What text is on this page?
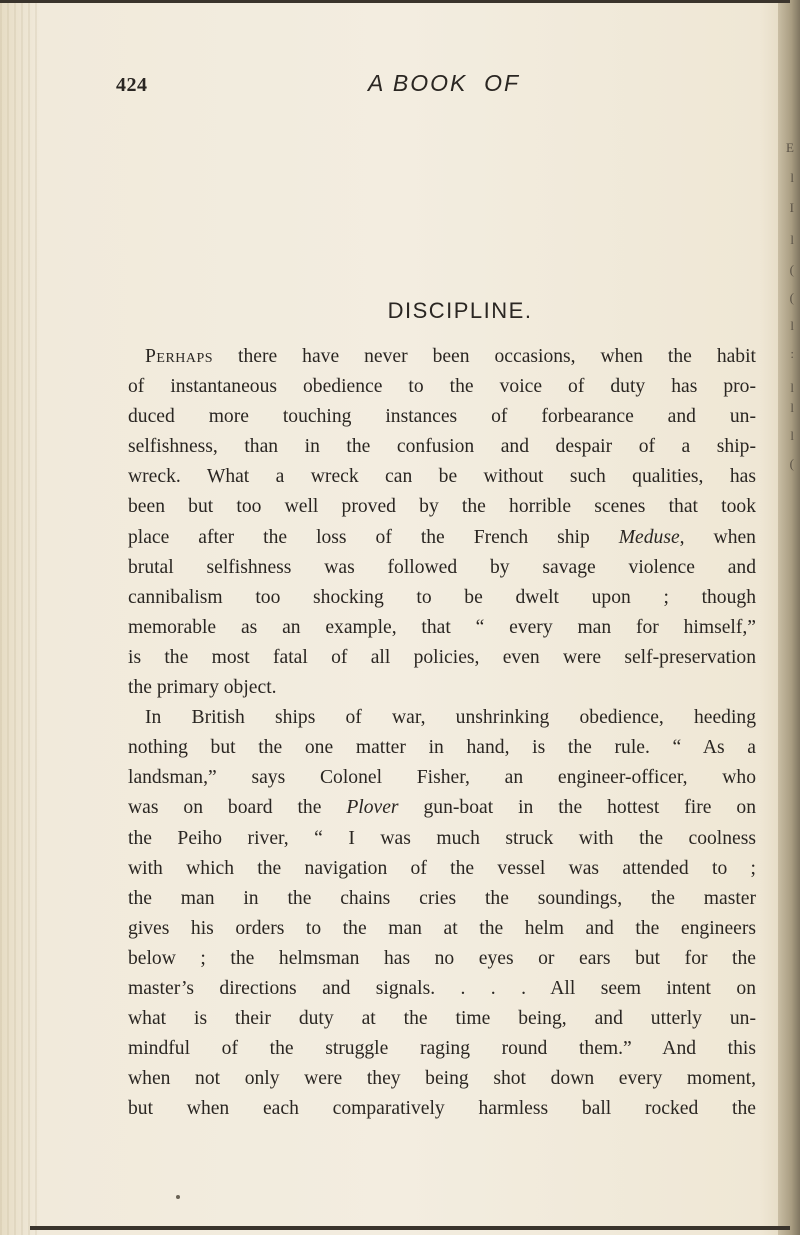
E
l
I
l
(
(
l
:
l
l
l
(
424	A BOOK  OF
DISCIPLINE.
Perhaps there have never been occasions, when the habit
of instantaneous obedience to the voice of duty has pro-
duced more touching instances of forbearance and un-
selfishness, than in the confusion and despair of a ship-
wreck. What a wreck can be without such qualities, has
been but too well proved by the horrible scenes that took
place after the loss of the French ship Meduse, when
brutal selfishness was followed by savage violence and
cannibalism too shocking to be dwelt upon ; though
memorable as an example, that “ every man for himself,”
is the most fatal of all policies, even were self-preservation
the primary object.
In British ships of war, unshrinking obedience, heeding
nothing but the one matter in hand, is the rule. “ As a
landsman,” says Colonel Fisher, an engineer-officer, who
was on board the Plover gun-boat in the hottest fire on
the Peiho river, “ I was much struck with the coolness
with which the navigation of the vessel was attended to ;
the man in the chains cries the soundings, the master
gives his orders to the man at the helm and the engineers
below ; the helmsman has no eyes or ears but for the
master’s directions and signals. . . . All seem intent on
what is their duty at the time being, and utterly un-
mindful of the struggle raging round them.” And this
when not only were they being shot down every moment,
but when each comparatively harmless ball rocked the
